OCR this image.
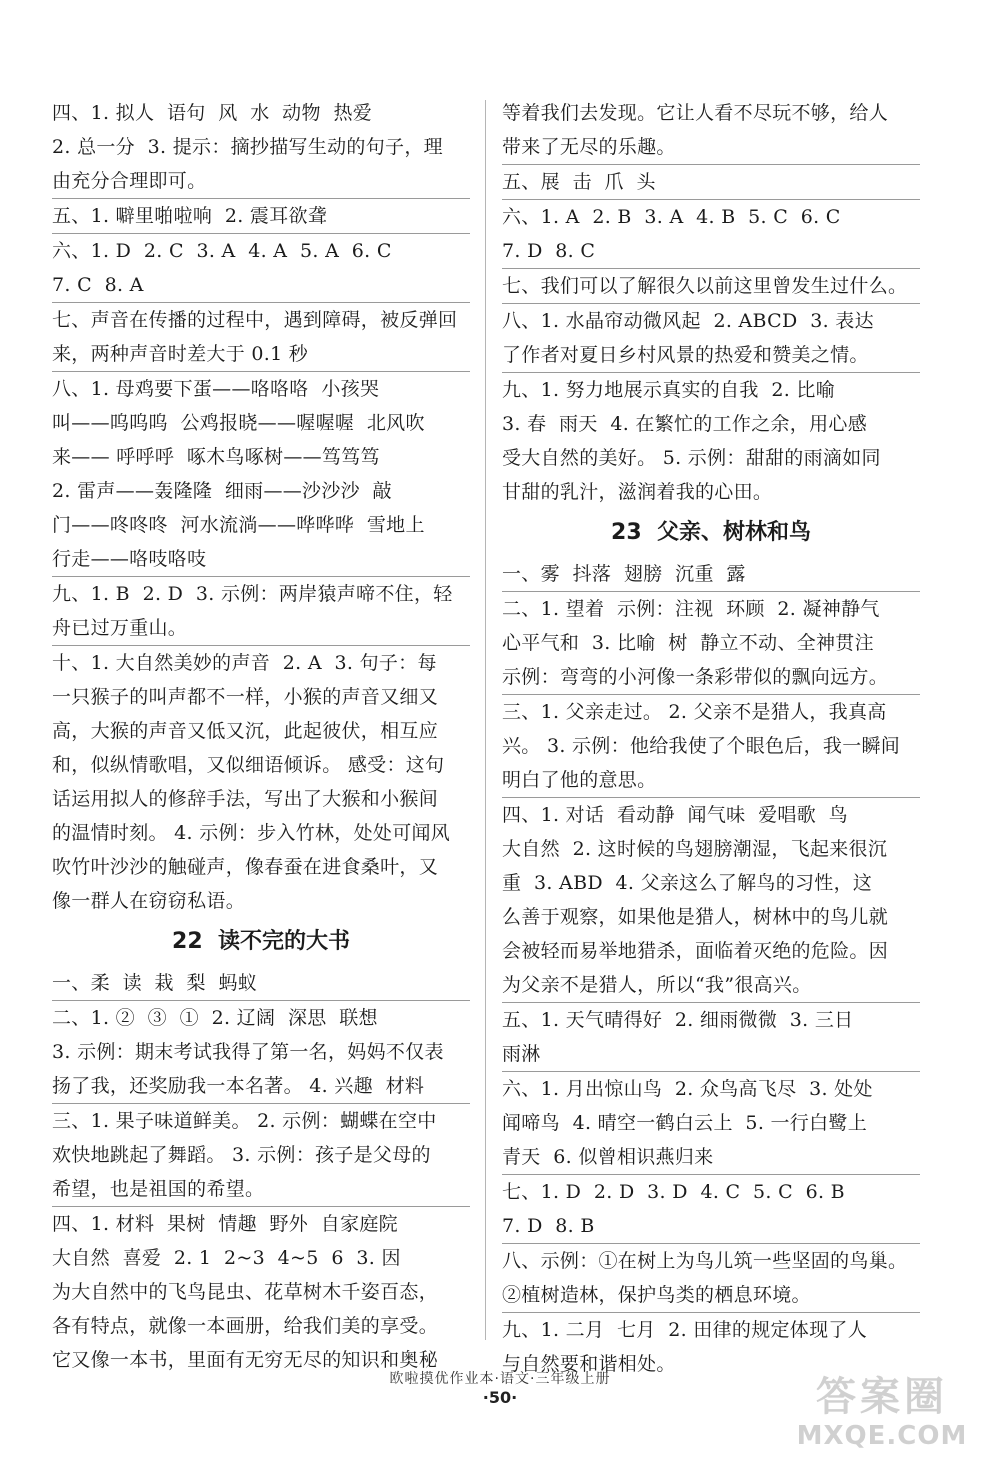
四、1. 拟人  语句  风  水  动物  热爱
2. 总一分  3. 提示：摘抄描写生动的句子，理
由充分合理即可。
五、1. 噼里啪啦响  2. 震耳欲聋
六、1. D  2. C  3. A  4. A  5. A  6. C
7. C  8. A
七、声音在传播的过程中，遇到障碍，被反弹回
来，两种声音时差大于 0.1 秒
八、1. 母鸡要下蛋——咯咯咯  小孩哭
叫——呜呜呜  公鸡报晓——喔喔喔  北风吹
来—— 呼呼呼  啄木鸟啄树——笃笃笃
2. 雷声——轰隆隆  细雨——沙沙沙  敲
门——咚咚咚  河水流淌——哗哗哗  雪地上
行走——咯吱咯吱
九、1. B  2. D  3. 示例：两岸猿声啼不住，轻
舟已过万重山。
十、1. 大自然美妙的声音  2. A  3. 句子：每
一只猴子的叫声都不一样，小猴的声音又细又
高，大猴的声音又低又沉，此起彼伏，相互应
和，似纵情歌唱，又似细语倾诉。 感受：这句
话运用拟人的修辞手法，写出了大猴和小猴间
的温情时刻。 4. 示例：步入竹林，处处可闻风
吹竹叶沙沙的触碰声，像春蚕在进食桑叶，又
像一群人在窃窃私语。
22  读不完的大书
一、柔  读  栽  梨  蚂蚁
二、1. ②  ③  ①  2. 辽阔  深思  联想
3. 示例：期末考试我得了第一名，妈妈不仅表
扬了我，还奖励我一本名著。 4. 兴趣  材料
三、1. 果子味道鲜美。 2. 示例：蝴蝶在空中
欢快地跳起了舞蹈。 3. 示例：孩子是父母的
希望，也是祖国的希望。
四、1. 材料  果树  情趣  野外  自家庭院
大自然  喜爱  2. 1  2~3  4~5  6  3. 因
为大自然中的飞鸟昆虫、花草树木千姿百态，
各有特点，就像一本画册，给我们美的享受。
它又像一本书，里面有无穷无尽的知识和奥秘
等着我们去发现。它让人看不尽玩不够，给人
带来了无尽的乐趣。
五、展  击  爪  头
六、1. A  2. B  3. A  4. B  5. C  6. C
7. D  8. C
七、我们可以了解很久以前这里曾发生过什么。
八、1. 水晶帘动微风起  2. ABCD  3. 表达
了作者对夏日乡村风景的热爱和赞美之情。
九、1. 努力地展示真实的自我  2. 比喻
3. 春  雨天  4. 在繁忙的工作之余，用心感
受大自然的美好。 5. 示例：甜甜的雨滴如同
甘甜的乳汁，滋润着我的心田。
23  父亲、树林和鸟
一、雾  抖落  翅膀  沉重  露
二、1. 望着  示例：注视  环顾  2. 凝神静气
心平气和  3. 比喻  树  静立不动、全神贯注
示例：弯弯的小河像一条彩带似的飘向远方。
三、1. 父亲走过。 2. 父亲不是猎人，我真高
兴。 3. 示例：他给我使了个眼色后，我一瞬间
明白了他的意思。
四、1. 对话  看动静  闻气味  爱唱歌  鸟
大自然  2. 这时候的鸟翅膀潮湿，飞起来很沉
重  3. ABD  4. 父亲这么了解鸟的习性，这
么善于观察，如果他是猎人，树林中的鸟儿就
会被轻而易举地猎杀，面临着灭绝的危险。因
为父亲不是猎人，所以“我”很高兴。
五、1. 天气晴得好  2. 细雨微微  3. 三日
雨淋
六、1. 月出惊山鸟  2. 众鸟高飞尽  3. 处处
闻啼鸟  4. 晴空一鹤白云上  5. 一行白鹭上
青天  6. 似曾相识燕归来
七、1. D  2. D  3. D  4. C  5. C  6. B
7. D  8. B
八、示例：①在树上为鸟儿筑一些坚固的鸟巢。
②植树造林，保护鸟类的栖息环境。
九、1. 二月  七月  2. 田律的规定体现了人
与自然要和谐相处。
欧啦摸优作业本·语文·三年级上册
·50·	答案圈
MXQE.COM
